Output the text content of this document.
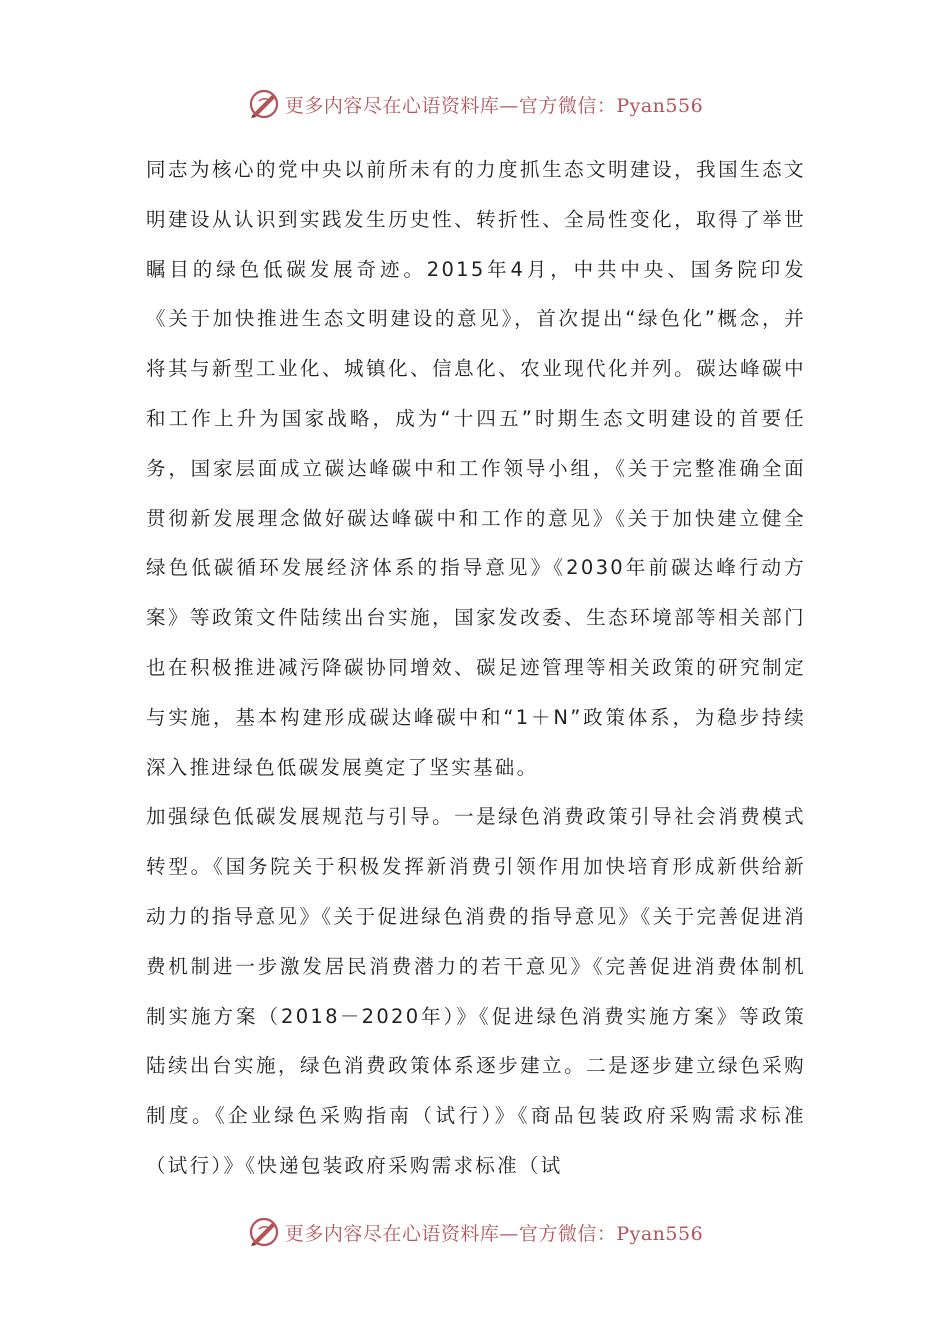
更多内容尽在心语资料库—官方微信：Pyan556

同志为核心的党中央以前所未有的力度抓生态文明建设，我国生态文明建设从认识到实践发生历史性、转折性、全局性变化，取得了举世瞩目的绿色低碳发展奇迹。2015年4月，中共中央、国务院印发《关于加快推进生态文明建设的意见》，首次提出“绿色化”概念，并将其与新型工业化、城镇化、信息化、农业现代化并列。碳达峰碳中和工作上升为国家战略，成为“十四五”时期生态文明建设的首要任务，国家层面成立碳达峰碳中和工作领导小组，《关于完整准确全面贯彻新发展理念做好碳达峰碳中和工作的意见》《关于加快建立健全绿色低碳循环发展经济体系的指导意见》《2030年前碳达峰行动方案》等政策文件陆续出台实施，国家发改委、生态环境部等相关部门也在积极推进减污降碳协同增效、碳足迹管理等相关政策的研究制定与实施，基本构建形成碳达峰碳中和“1＋N”政策体系，为稳步持续深入推进绿色低碳发展奠定了坚实基础。

加强绿色低碳发展规范与引导。一是绿色消费政策引导社会消费模式转型。《国务院关于积极发挥新消费引领作用加快培育形成新供给新动力的指导意见》《关于促进绿色消费的指导意见》《关于完善促进消费机制进一步激发居民消费潜力的若干意见》《完善促进消费体制机制实施方案（2018－2020年）》《促进绿色消费实施方案》等政策陆续出台实施，绿色消费政策体系逐步建立。二是逐步建立绿色采购制度。《企业绿色采购指南（试行）》《商品包装政府采购需求标准（试行）》《快递包装政府采购需求标准（试

更多内容尽在心语资料库—官方微信：Pyan556
